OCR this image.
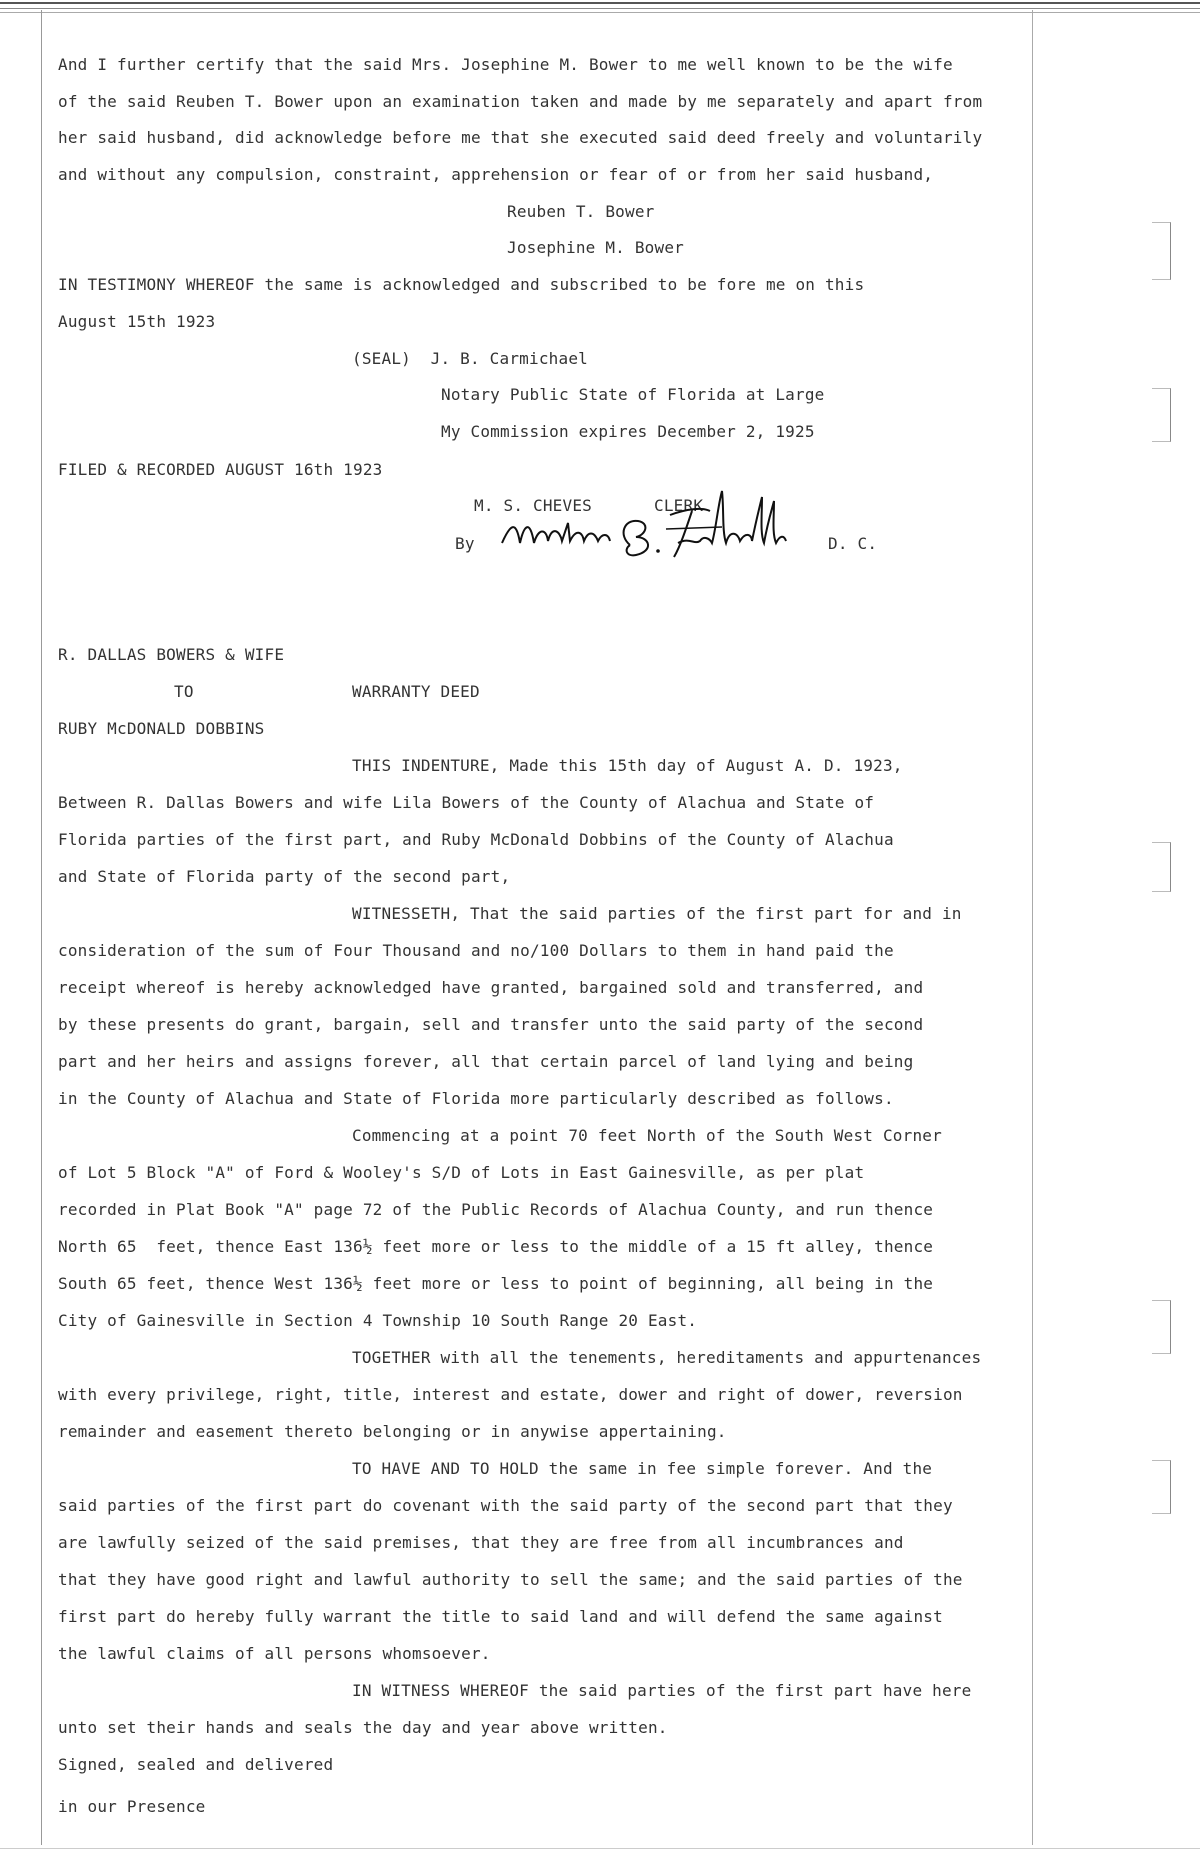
And I further certify that the said Mrs. Josephine M. Bower to me well known to be the wife
of the said Reuben T. Bower upon an examination taken and made by me separately and apart from
her said husband, did acknowledge before me that she executed said deed freely and voluntarily
and without any compulsion, constraint, apprehension or fear of or from her said husband,
Reuben T. Bower
Josephine M. Bower
IN TESTIMONY WHEREOF the same is acknowledged and subscribed to be fore me on this
August 15th 1923
(SEAL)  J. B. Carmichael
Notary Public State of Florida at Large
My Commission expires December 2, 1925
FILED & RECORDED AUGUST 16th 1923
M. S. CHEVES	CLERK
By	D. C.
R. DALLAS BOWERS & WIFE
TO	WARRANTY DEED
RUBY McDONALD DOBBINS
THIS INDENTURE, Made this 15th day of August A. D. 1923,
Between R. Dallas Bowers and wife Lila Bowers of the County of Alachua and State of
Florida parties of the first part, and Ruby McDonald Dobbins of the County of Alachua
and State of Florida party of the second part,
WITNESSETH, That the said parties of the first part for and in
consideration of the sum of Four Thousand and no/100 Dollars to them in hand paid the
receipt whereof is hereby acknowledged have granted, bargained sold and transferred, and
by these presents do grant, bargain, sell and transfer unto the said party of the second
part and her heirs and assigns forever, all that certain parcel of land lying and being
in the County of Alachua and State of Florida more particularly described as follows.
Commencing at a point 70 feet North of the South West Corner
of Lot 5 Block "A" of Ford & Wooley's S/D of Lots in East Gainesville, as per plat
recorded in Plat Book "A" page 72 of the Public Records of Alachua County, and run thence
North 65  feet, thence East 136½ feet more or less to the middle of a 15 ft alley, thence
South 65 feet, thence West 136½ feet more or less to point of beginning, all being in the
City of Gainesville in Section 4 Township 10 South Range 20 East.
TOGETHER with all the tenements, hereditaments and appurtenances
with every privilege, right, title, interest and estate, dower and right of dower, reversion
remainder and easement thereto belonging or in anywise appertaining.
TO HAVE AND TO HOLD the same in fee simple forever. And the
said parties of the first part do covenant with the said party of the second part that they
are lawfully seized of the said premises, that they are free from all incumbrances and
that they have good right and lawful authority to sell the same; and the said parties of the
first part do hereby fully warrant the title to said land and will defend the same against
the lawful claims of all persons whomsoever.
IN WITNESS WHEREOF the said parties of the first part have here
unto set their hands and seals the day and year above written.
Signed, sealed and delivered
in our Presence
